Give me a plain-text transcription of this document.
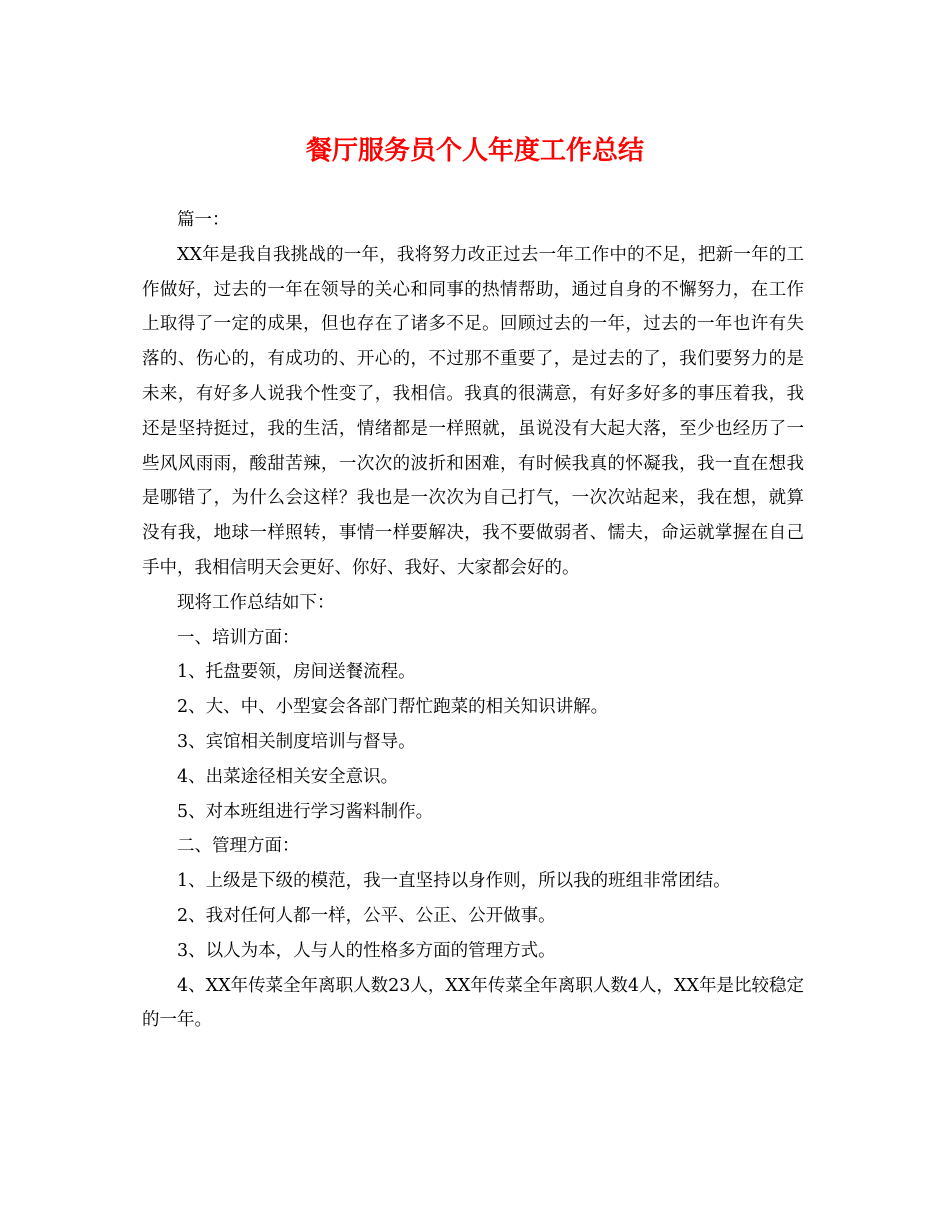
餐厅服务员个人年度工作总结

篇一：

XX年是我自我挑战的一年，我将努力改正过去一年工作中的不足，把新一年的工作做好，过去的一年在领导的关心和同事的热情帮助，通过自身的不懈努力，在工作上取得了一定的成果，但也存在了诸多不足。回顾过去的一年，过去的一年也许有失落的、伤心的，有成功的、开心的，不过那不重要了，是过去的了，我们要努力的是未来，有好多人说我个性变了，我相信。我真的很满意，有好多好多的事压着我，我还是坚持挺过，我的生活，情绪都是一样照就，虽说没有大起大落，至少也经历了一些风风雨雨，酸甜苦辣，一次次的波折和困难，有时候我真的怀凝我，我一直在想我是哪错了，为什么会这样？我也是一次次为自己打气，一次次站起来，我在想，就算没有我，地球一样照转，事情一样要解决，我不要做弱者、懦夫，命运就掌握在自己手中，我相信明天会更好、你好、我好、大家都会好的。

现将工作总结如下：

一、培训方面：

1、托盘要领，房间送餐流程。

2、大、中、小型宴会各部门帮忙跑菜的相关知识讲解。

3、宾馆相关制度培训与督导。

4、出菜途径相关安全意识。

5、对本班组进行学习酱料制作。

二、管理方面：

1、上级是下级的模范，我一直坚持以身作则，所以我的班组非常团结。

2、我对任何人都一样，公平、公正、公开做事。

3、以人为本，人与人的性格多方面的管理方式。

4、XX年传菜全年离职人数23人，XX年传菜全年离职人数4人，XX年是比较稳定的一年。
